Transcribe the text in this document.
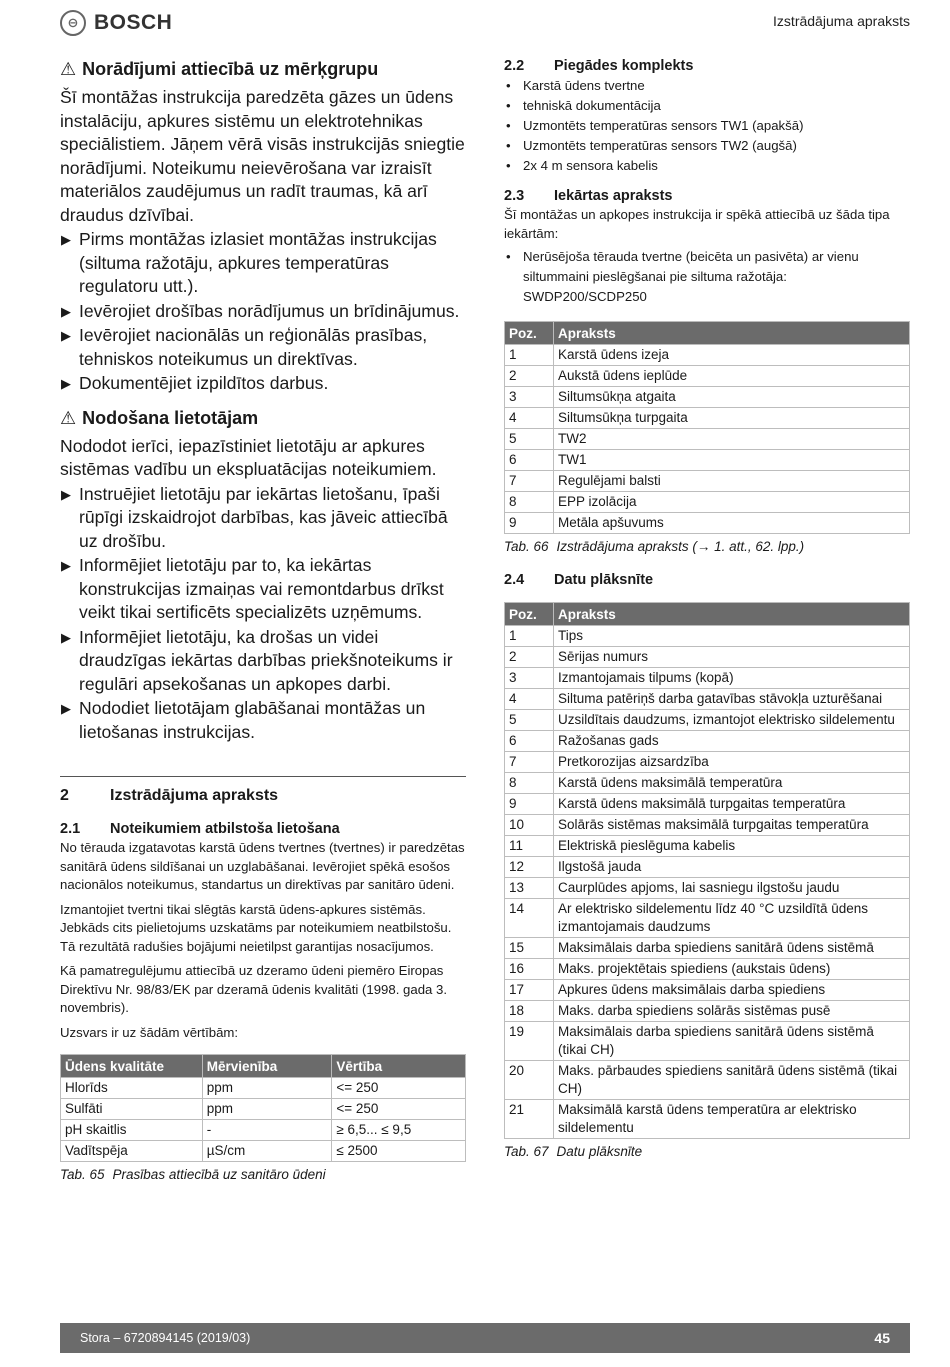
⊖ BOSCH	Izstrādājuma apraksts
⚠ Norādījumi attiecībā uz mērķgrupu

Šī montāžas instrukcija paredzēta gāzes un ūdens instalāciju, apkures sistēmu un elektrotehnikas speciālistiem. Jāņem vērā visās instrukcijās sniegtie norādījumi. Noteikumu neievērošana var izraisīt materiālos zaudējumus un radīt traumas, kā arī draudus dzīvībai.

▶ Pirms montāžas izlasiet montāžas instrukcijas (siltuma ražotāju, apkures temperatūras regulatoru utt.).
▶ Ievērojiet drošības norādījumus un brīdinājumus.
▶ Ievērojiet nacionālās un reģionālās prasības, tehniskos noteikumus un direktīvas.
▶ Dokumentējiet izpildītos darbus.
⚠ Nodošana lietotājam

Nododot ierīci, iepazīstiniet lietotāju ar apkures sistēmas vadību un ekspluatācijas noteikumiem.

▶ Instruējiet lietotāju par iekārtas lietošanu, īpaši rūpīgi izskaidrojot darbības, kas jāveic attiecībā uz drošību.
▶ Informējiet lietotāju par to, ka iekārtas konstrukcijas izmaiņas vai remontdarbus drīkst veikt tikai sertificēts specializēts uzņēmums.
▶ Informējiet lietotāju, ka drošas un videi draudzīgas iekārtas darbības priekšnoteikums ir regulāri apsekošanas un apkopes darbi.
▶ Nododiet lietotājam glabāšanai montāžas un lietošanas instrukcijas.
2	Izstrādājuma apraksts
2.1	Noteikumiem atbilstoša lietošana

No tērauda izgatavotas karstā ūdens tvertnes (tvertnes) ir paredzētas sanitārā ūdens sildīšanai un uzglabāšanai. Ievērojiet spēkā esošos nacionālos noteikumus, standartus un direktīvas par sanitāro ūdeni.

Izmantojiet tvertni tikai slēgtās karstā ūdens-apkures sistēmās. Jebkāds cits pielietojums uzskatāms par noteikumiem neatbilstošu. Tā rezultātā radušies bojājumi neietilpst garantijas nosacījumos.

Kā pamatregulējumu attiecībā uz dzeramo ūdeni piemēro Eiropas Direktīvu Nr. 98/83/EK par dzeramā ūdenis kvalitāti (1998. gada 3. novembris).

Uzsvars ir uz šādām vērtībām:

Ūdens kvalitāte	Mērvienība	Vērtība
Hlorīds	ppm	<= 250
Sulfāti	ppm	<= 250
pH skaitlis	-	≥ 6,5... ≤ 9,5
Vadītspēja	µS/cm	≤ 2500
Tab. 65 Prasības attiecībā uz sanitāro ūdeni
2.2	Piegādes komplekts
• Karstā ūdens tvertne
• tehniskā dokumentācija
• Uzmontēts temperatūras sensors TW1 (apakšā)
• Uzmontēts temperatūras sensors TW2 (augšā)
• 2x 4 m sensora kabelis
2.3	Iekārtas apraksts

Šī montāžas un apkopes instrukcija ir spēkā attiecībā uz šāda tipa iekārtām:

• Nerūsējoša tērauda tvertne (beicēta un pasivēta) ar vienu siltummaini pieslēgšanai pie siltuma ražotāja: SWDP200/SCDP250
Poz.	Apraksts
1	Karstā ūdens izeja
2	Aukstā ūdens ieplūde
3	Siltumsūkņa atgaita
4	Siltumsūkņa turpgaita
5	TW2
6	TW1
7	Regulējami balsti
8	EPP izolācija
9	Metāla apšuvums
Tab. 66 Izstrādājuma apraksts (→ 1. att., 62. lpp.)
2.4	Datu plāksnīte
Poz.	Apraksts
1	Tips
2	Sērijas numurs
3	Izmantojamais tilpums (kopā)
4	Siltuma patēriņš darba gatavības stāvokļa uzturēšanai
5	Uzsildītais daudzums, izmantojot elektrisko sildelementu
6	Ražošanas gads
7	Pretkorozijas aizsardzība
8	Karstā ūdens maksimālā temperatūra
9	Karstā ūdens maksimālā turpgaitas temperatūra
10	Solārās sistēmas maksimālā turpgaitas temperatūra
11	Elektriskā pieslēguma kabelis
12	Ilgstošā jauda
13	Caurplūdes apjoms, lai sasniegu ilgstošu jaudu
14	Ar elektrisko sildelementu līdz 40 °C uzsildītā ūdens izmantojamais daudzums
15	Maksimālais darba spiediens sanitārā ūdens sistēmā
16	Maks. projektētais spiediens (aukstais ūdens)
17	Apkures ūdens maksimālais darba spiediens
18	Maks. darba spiediens solārās sistēmas pusē
19	Maksimālais darba spiediens sanitārā ūdens sistēmā (tikai CH)
20	Maks. pārbaudes spiediens sanitārā ūdens sistēmā (tikai CH)
21	Maksimālā karstā ūdens temperatūra ar elektrisko sildelementu
Tab. 67 Datu plāksnīte
Stora – 6720894145 (2019/03)	45
